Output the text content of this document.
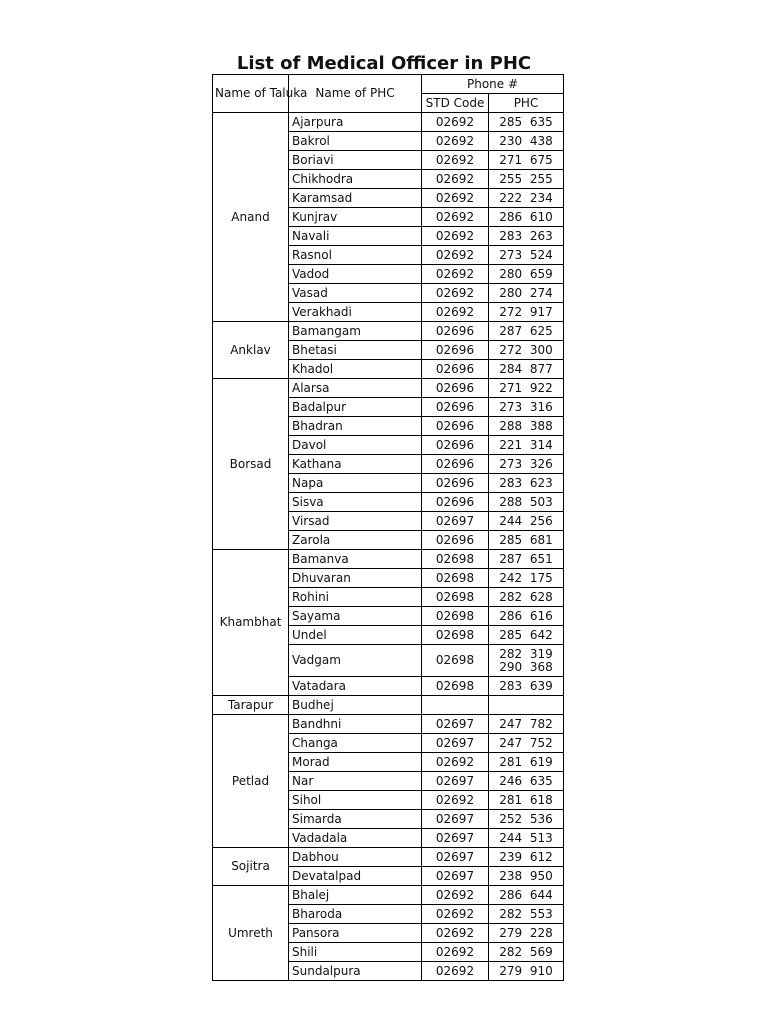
List of Medical Officer in PHC
Name of Taluka	Name of PHC	Phone #	
		STD Code	PHC
Anand	Ajarpura	02692	285  635
	Bakrol	02692	230  438
	Boriavi	02692	271  675
	Chikhodra	02692	255  255
	Karamsad	02692	222  234
	Kunjrav	02692	286  610
	Navali	02692	283  263
	Rasnol	02692	273  524
	Vadod	02692	280  659
	Vasad	02692	280  274
	Verakhadi	02692	272  917
Anklav	Bamangam	02696	287  625
	Bhetasi	02696	272  300
	Khadol	02696	284  877
Borsad	Alarsa	02696	271  922
	Badalpur	02696	273  316
	Bhadran	02696	288  388
	Davol	02696	221  314
	Kathana	02696	273  326
	Napa	02696	283  623
	Sisva	02696	288  503
	Virsad	02697	244  256
	Zarola	02696	285  681
Khambhat	Bamanva	02698	287  651
	Dhuvaran	02698	242  175
	Rohini	02698	282  628
	Sayama	02698	286  616
	Undel	02698	285  642
	Vadgam	02698	282  319
290  368
	Vatadara	02698	283  639
Tarapur	Budhej		
Petlad	Bandhni	02697	247  782
	Changa	02697	247  752
	Morad	02692	281  619
	Nar	02697	246  635
	Sihol	02692	281  618
	Simarda	02697	252  536
	Vadadala	02697	244  513
Sojitra	Dabhou	02697	239  612
	Devatalpad	02697	238  950
Umreth	Bhalej	02692	286  644
	Bharoda	02692	282  553
	Pansora	02692	279  228
	Shili	02692	282  569
	Sundalpura	02692	279  910
